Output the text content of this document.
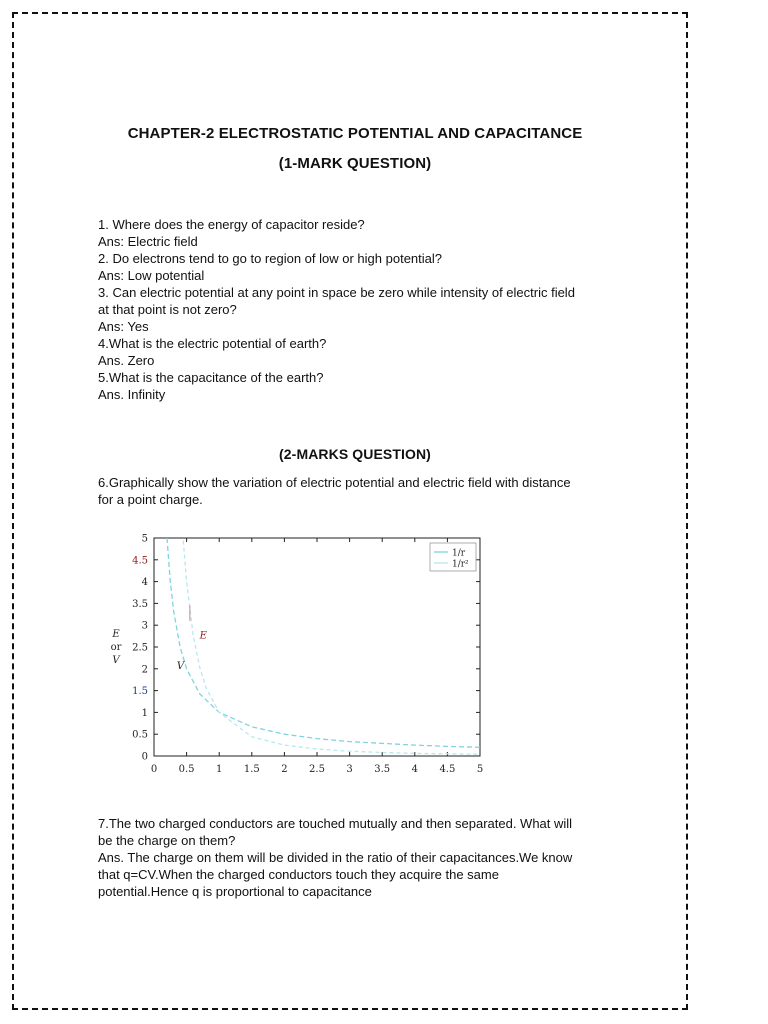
CHAPTER-2 ELECTROSTATIC POTENTIAL AND CAPACITANCE
(1-MARK QUESTION)
1. Where does the energy of capacitor reside?
Ans: Electric field
2. Do electrons tend to go to region of low or high potential?
Ans: Low potential
3. Can electric potential at any point in space be zero while intensity of electric field
at that point is not zero?
Ans: Yes
4.What is the electric potential of earth?
Ans. Zero
5.What is the capacitance of the earth?
Ans. Infinity
(2-MARKS QUESTION)
6.Graphically show the variation of electric potential and electric field with distance
for a point charge.
0 0.5 1 1.5 2 2.5 3 3.5 4 4.5 5
0
0.5
1
1.5
2
2.5
3
3.5
4
4.5
5
E
or
V
E
V
1/r
1/r²
7.The two charged conductors are touched mutually and then separated. What will
be the charge on them?
Ans. The charge on them will be divided in the ratio of their capacitances.We know
that q=CV.When the charged conductors touch they acquire the same
potential.Hence q is proportional to capacitance
